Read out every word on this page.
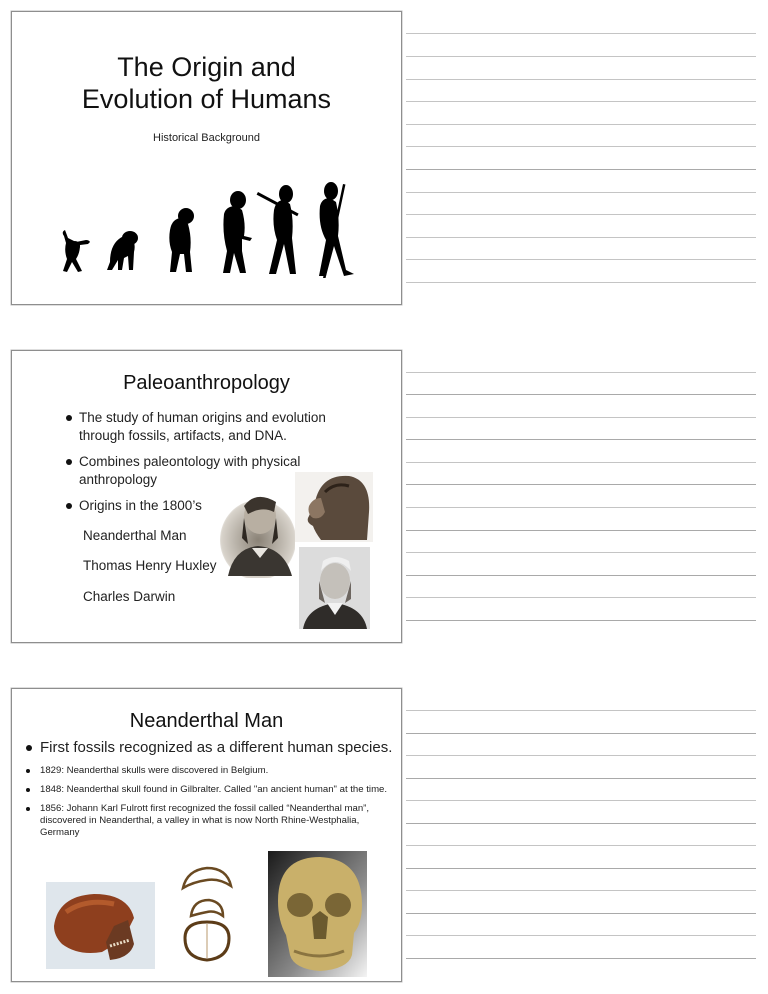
The Origin and
Evolution of Humans
Historical Background
Paleoanthropology
The study of human origins and evolution through fossils, artifacts, and DNA.
Combines paleontology with physical anthropology
Origins in the 1800’s
Neanderthal Man
Thomas Henry Huxley
Charles Darwin
Neanderthal Man
First fossils recognized as a different human species.
1829: Neanderthal skulls were discovered in Belgium.
1848: Neanderthal skull found in Gilbralter. Called "an ancient human" at the time.
1856: Johann Karl Fulrott first recognized the fossil called “Neanderthal man”, discovered in Neanderthal, a valley in what is now North Rhine-Westphalia, Germany
